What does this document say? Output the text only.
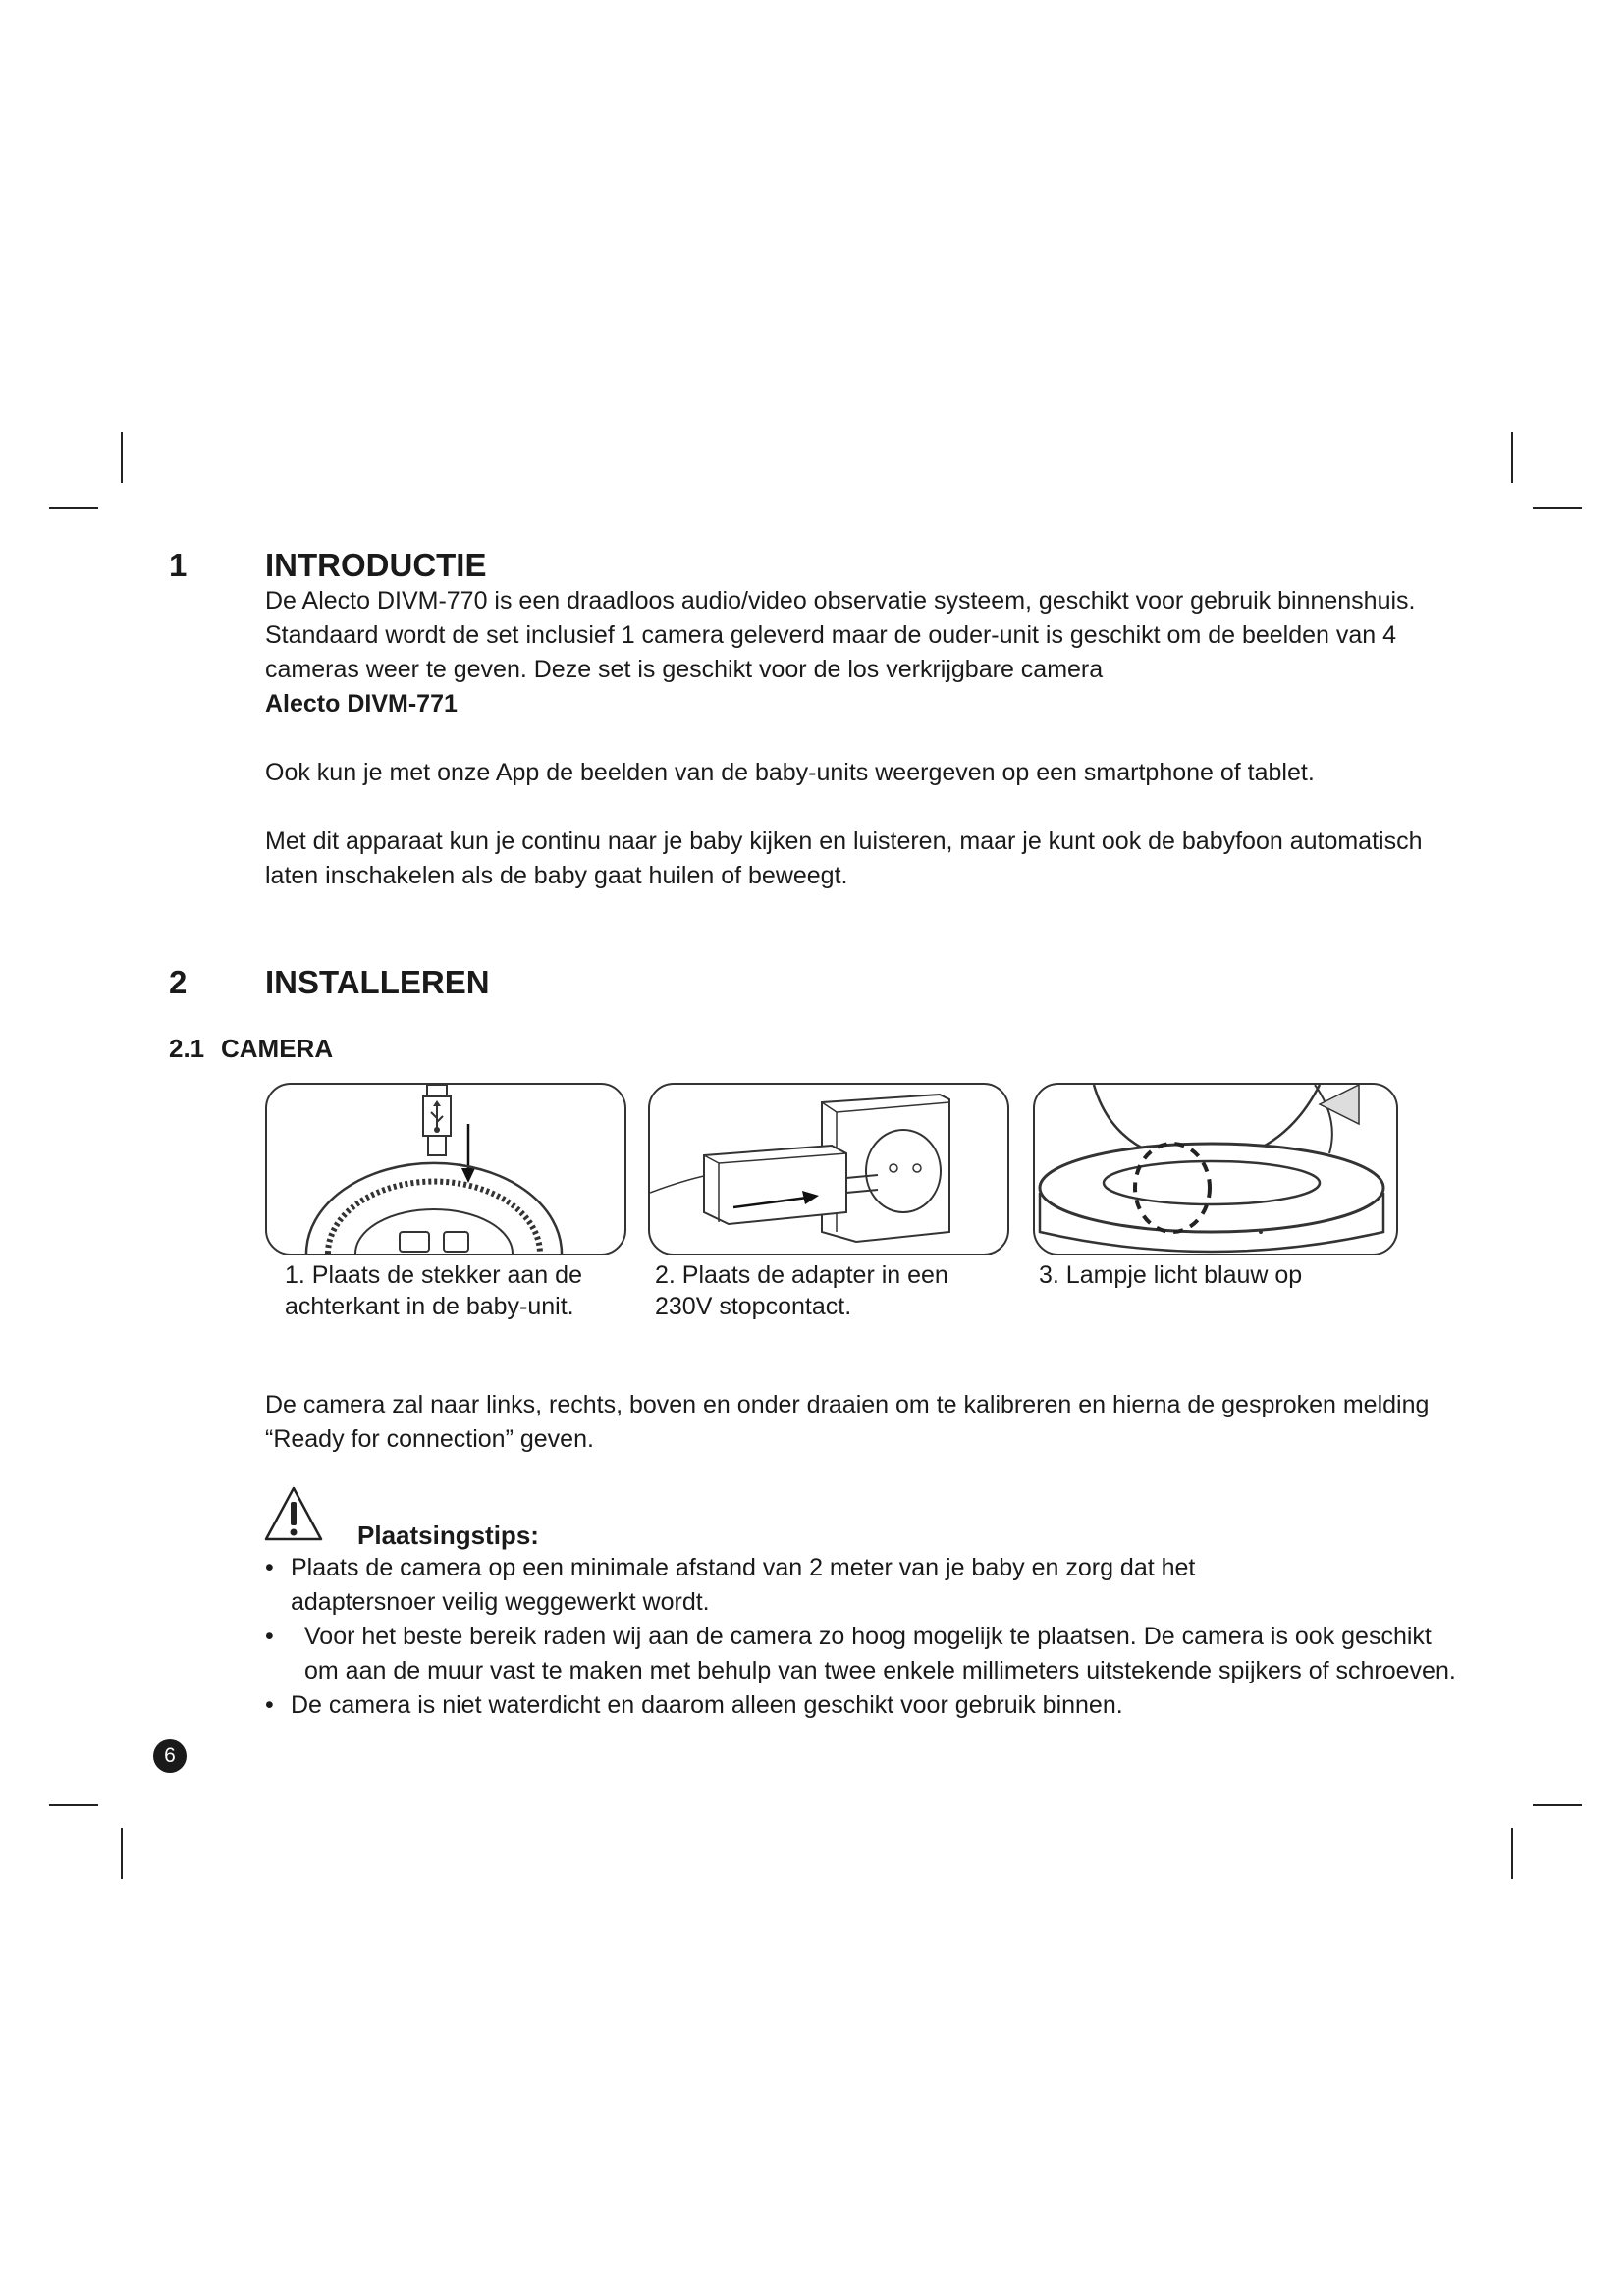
1 INTRODUCTIE

De Alecto DIVM-770 is een draadloos audio/video observatie systeem, geschikt voor gebruik binnenshuis. Standaard wordt de set inclusief 1 camera geleverd maar de ouder-unit is geschikt om de beelden van 4 cameras weer te geven. Deze set is geschikt voor de los verkrijgbare camera
Alecto DIVM-771

Ook kun je met onze App de beelden van de baby-units weergeven op een smartphone of tablet.

Met dit apparaat kun je continu naar je baby kijken en luisteren, maar je kunt ook de babyfoon automatisch laten inschakelen als de baby gaat huilen of beweegt.

2 INSTALLEREN
2.1 CAMERA
1. Plaats de stekker aan de achterkant in de baby-unit.
2. Plaats de adapter in een 230V stopcontact.
3. Lampje licht blauw op
De camera zal naar links, rechts, boven en onder draaien om te kalibreren en hierna de gesproken melding “Ready for connection” geven.
Plaatsingstips:
• Plaats de camera op een minimale afstand van 2 meter van je baby en zorg dat het adaptersnoer veilig weggewerkt wordt.
• Voor het beste bereik raden wij aan de camera zo hoog mogelijk te plaatsen. De camera is ook geschikt om aan de muur vast te maken met behulp van twee enkele millimeters uitstekende spijkers of schroeven.
• De camera is niet waterdicht en daarom alleen geschikt voor gebruik binnen.
6
